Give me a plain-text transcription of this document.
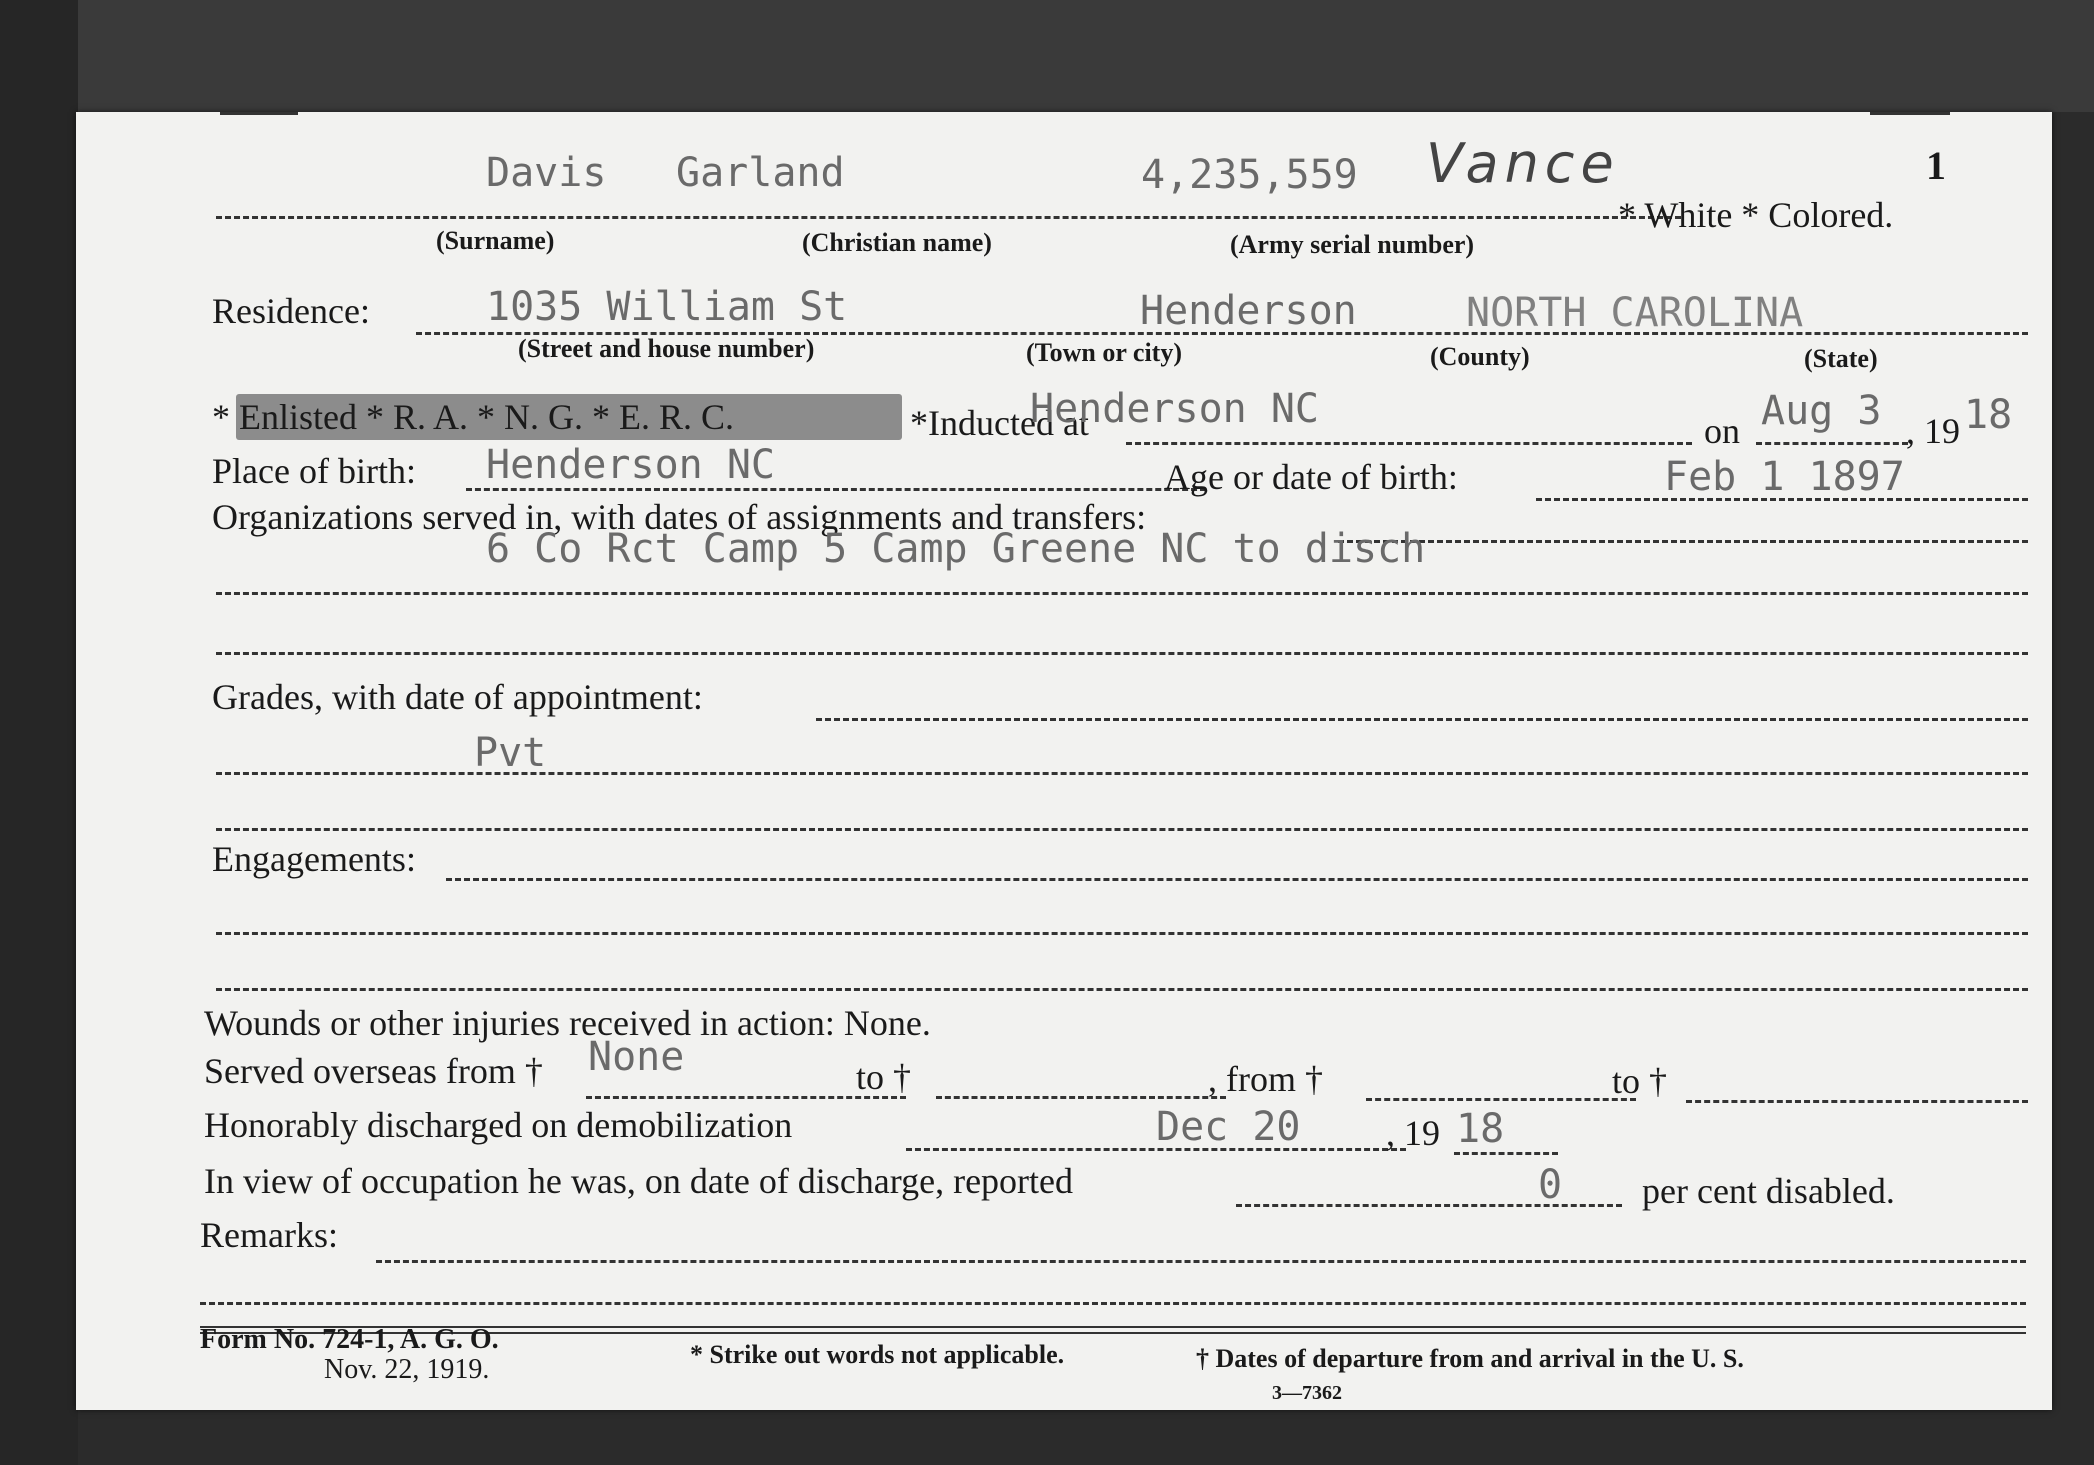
Davis Garland	4,235,559 Vance	1
* White * Colored.
(Surname)	(Christian name)	(Army serial number)
Residence:	1035 William St	Henderson	NORTH CAROLINA
(Street and house number)	(Town or city)	(County)	(State)
* Enlisted * R. A. * N. G. * E. R. C.	*Inducted at
Henderson NC	on Aug 3 , 19 18
Place of birth: Henderson NC	Age or date of birth:	Feb 1 1897
Organizations served in, with dates of assignments and transfers:
6 Co Rct Camp 5 Camp Greene NC to disch
Grades, with date of appointment:
Pvt
Engagements:
Wounds or other injuries received in action: None.
Served overseas from † None	to †	, from †	to †
Honorably discharged on demobilization	Dec 20 , 19 18
In view of occupation he was, on date of discharge, reported	0 per cent disabled.
Remarks:
Form No. 724-1, A. G. O.
Nov. 22, 1919.	* Strike out words not applicable.	† Dates of departure from and arrival in the U. S.
3—7362
